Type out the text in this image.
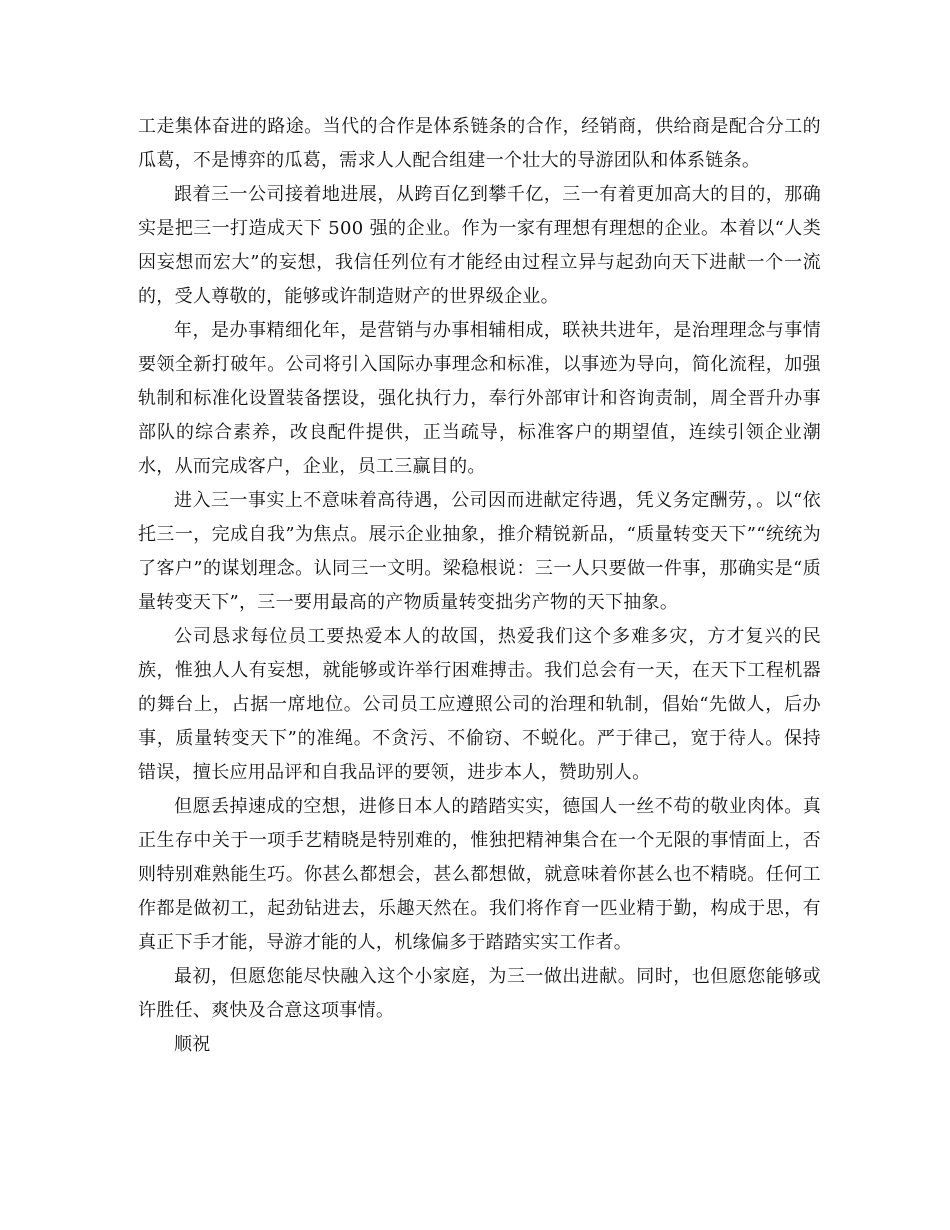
工走集体奋进的路途。当代的合作是体系链条的合作，经销商，供给商是配合分工的瓜葛，不是博弈的瓜葛，需求人人配合组建一个壮大的导游团队和体系链条。

跟着三一公司接着地进展，从跨百亿到攀千亿，三一有着更加高大的目的，那确实是把三一打造成天下 500 强的企业。作为一家有理想有理想的企业。本着以“人类因妄想而宏大”的妄想，我信任列位有才能经由过程立异与起劲向天下进献一个一流的，受人尊敬的，能够或许制造财产的世界级企业。

年，是办事精细化年，是营销与办事相辅相成，联袂共进年，是治理理念与事情要领全新打破年。公司将引入国际办事理念和标准，以事迹为导向，简化流程，加强轨制和标准化设置装备摆设，强化执行力，奉行外部审计和咨询责制，周全晋升办事部队的综合素养，改良配件提供，正当疏导，标准客户的期望值，连续引领企业潮水，从而完成客户，企业，员工三赢目的。

进入三一事实上不意味着高待遇，公司因而进献定待遇，凭义务定酬劳，。以“依托三一，完成自我”为焦点。展示企业抽象，推介精锐新品，“质量转变天下”“统统为了客户”的谋划理念。认同三一文明。梁稳根说：三一人只要做一件事，那确实是“质量转变天下”，三一要用最高的产物质量转变拙劣产物的天下抽象。

公司恳求每位员工要热爱本人的故国，热爱我们这个多难多灾，方才复兴的民族，惟独人人有妄想，就能够或许举行困难搏击。我们总会有一天，在天下工程机器的舞台上，占据一席地位。公司员工应遵照公司的治理和轨制，倡始“先做人，后办事，质量转变天下”的准绳。不贪污、不偷窃、不蜕化。严于律己，宽于待人。保持错误，擅长应用品评和自我品评的要领，进步本人，赞助别人。

但愿丢掉速成的空想，进修日本人的踏踏实实，德国人一丝不苟的敬业肉体。真正生存中关于一项手艺精晓是特别难的，惟独把精神集合在一个无限的事情面上，否则特别难熟能生巧。你甚么都想会，甚么都想做，就意味着你甚么也不精晓。任何工作都是做初工，起劲钻进去，乐趣天然在。我们将作育一匹业精于勤，构成于思，有真正下手才能，导游才能的人，机缘偏多于踏踏实实工作者。

最初，但愿您能尽快融入这个小家庭，为三一做出进献。同时，也但愿您能够或许胜任、爽快及合意这项事情。

顺祝
